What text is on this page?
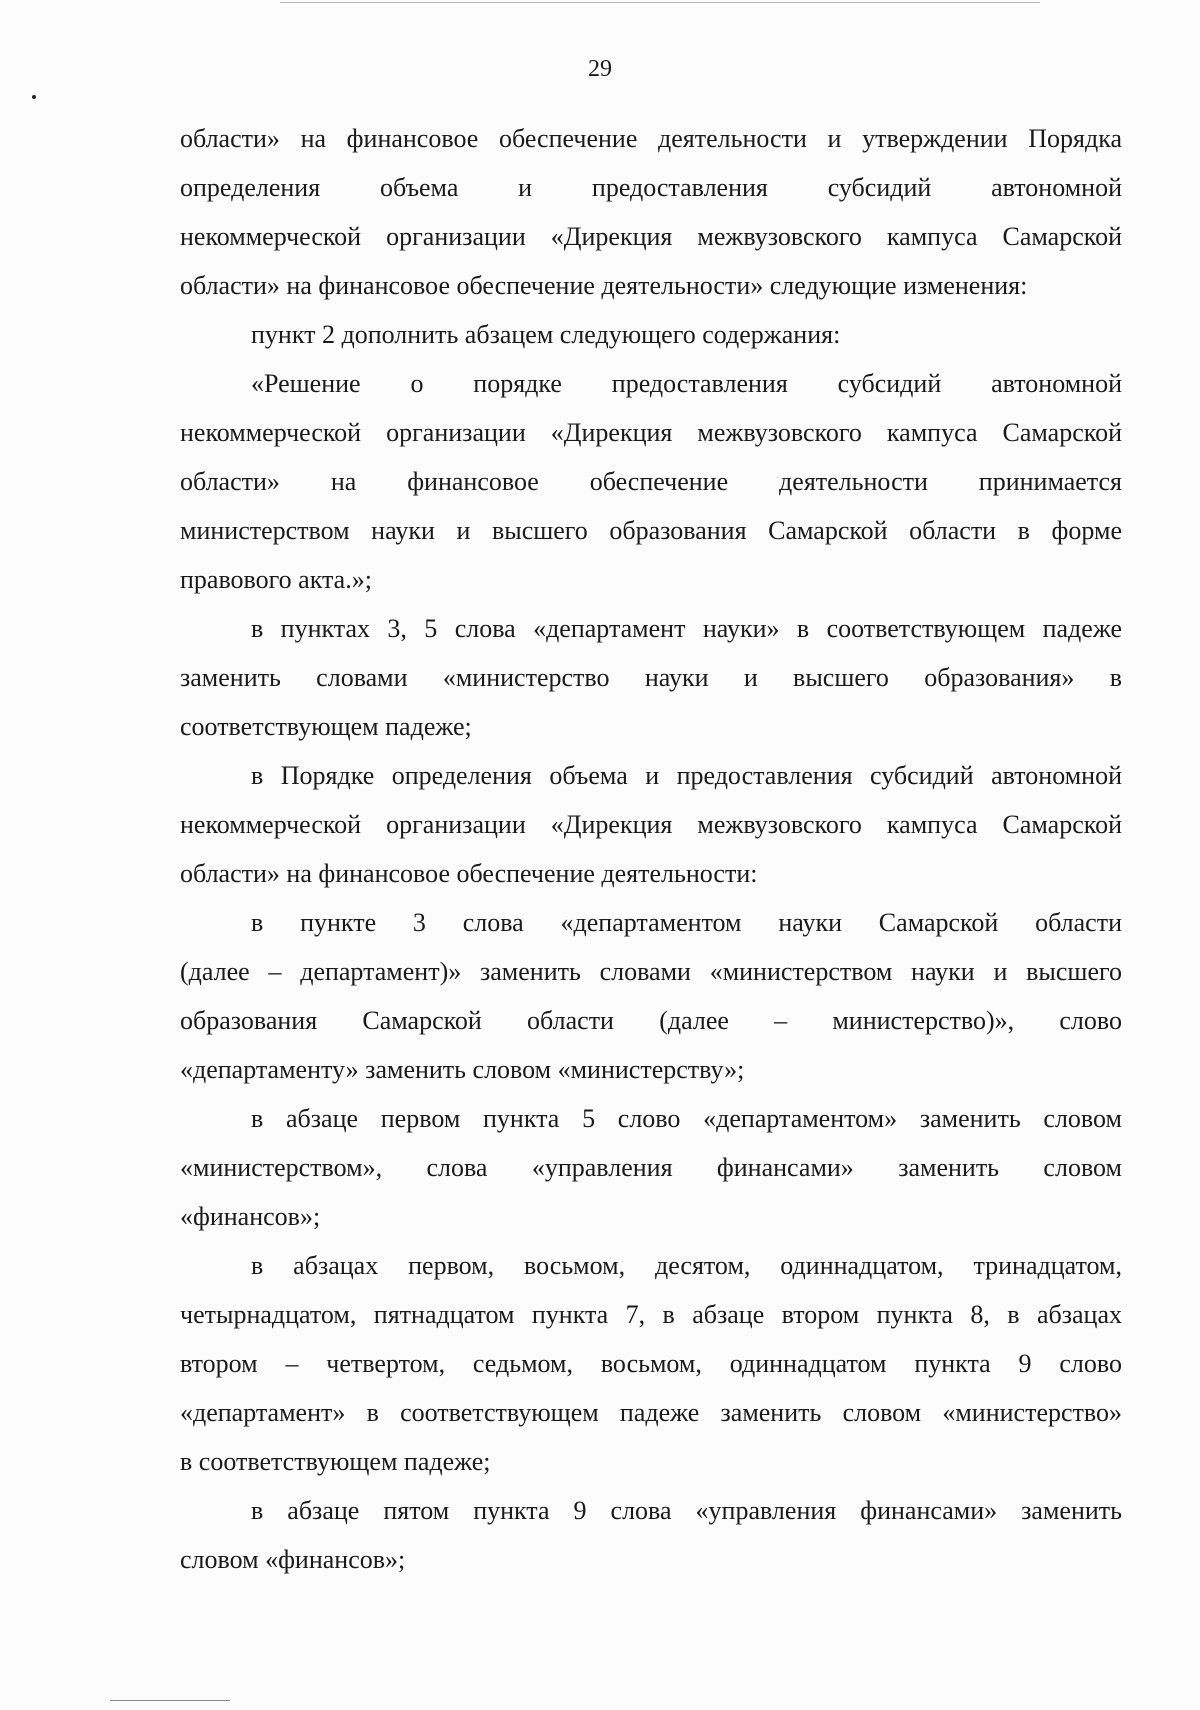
29
области» на финансовое обеспечение деятельности и утверждении Порядка
определения объема и предоставления субсидий автономной
некоммерческой организации «Дирекция межвузовского кампуса Самарской
области» на финансовое обеспечение деятельности» следующие изменения:
пункт 2 дополнить абзацем следующего содержания:
«Решение о порядке предоставления субсидий автономной
некоммерческой организации «Дирекция межвузовского кампуса Самарской
области» на финансовое обеспечение деятельности принимается
министерством науки и высшего образования Самарской области в форме
правового акта.»;
в пунктах 3, 5 слова «департамент науки» в соответствующем падеже
заменить словами «министерство науки и высшего образования» в
соответствующем падеже;
в Порядке определения объема и предоставления субсидий автономной
некоммерческой организации «Дирекция межвузовского кампуса Самарской
области» на финансовое обеспечение деятельности:
в пункте 3 слова «департаментом науки Самарской области
(далее – департамент)» заменить словами «министерством науки и высшего
образования Самарской области (далее – министерство)», слово
«департаменту» заменить словом «министерству»;
в абзаце первом пункта 5 слово «департаментом» заменить словом
«министерством», слова «управления финансами» заменить словом
«финансов»;
в абзацах первом, восьмом, десятом, одиннадцатом, тринадцатом,
четырнадцатом, пятнадцатом пункта 7, в абзаце втором пункта 8, в абзацах
втором – четвертом, седьмом, восьмом, одиннадцатом пункта 9 слово
«департамент» в соответствующем падеже заменить словом «министерство»
в соответствующем падеже;
в абзаце пятом пункта 9 слова «управления финансами» заменить
словом «финансов»;
